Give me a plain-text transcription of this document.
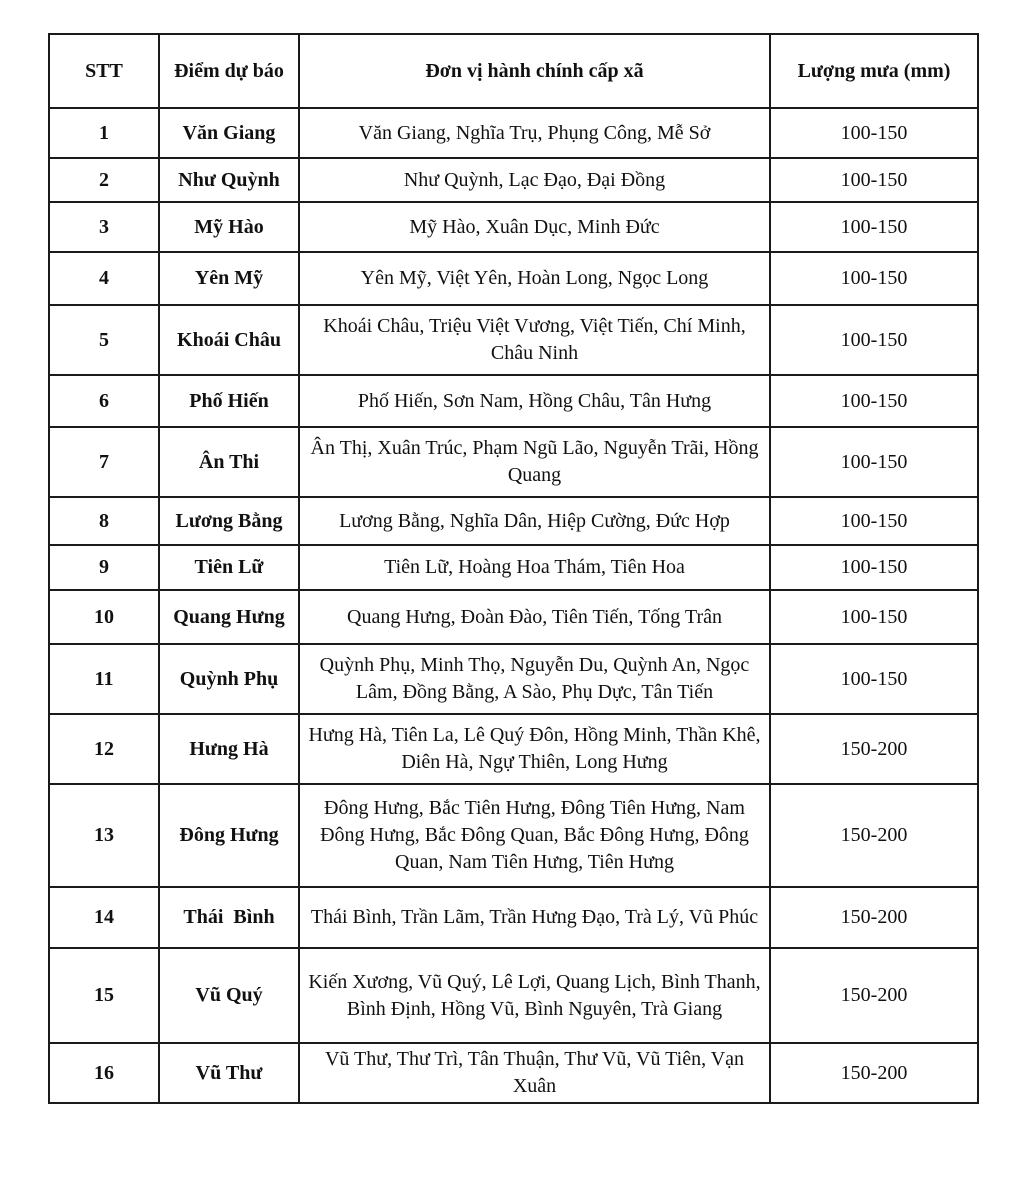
STT	Điểm dự báo	Đơn vị hành chính cấp xã	Lượng mưa (mm)
1	Văn Giang	Văn Giang, Nghĩa Trụ, Phụng Công, Mễ Sở	100-150
2	Như Quỳnh	Như Quỳnh, Lạc Đạo, Đại Đồng	100-150
3	Mỹ Hào	Mỹ Hào, Xuân Dục, Minh Đức	100-150
4	Yên Mỹ	Yên Mỹ, Việt Yên, Hoàn Long, Ngọc Long	100-150
5	Khoái Châu	Khoái Châu, Triệu Việt Vương, Việt Tiến, Chí Minh, Châu Ninh	100-150
6	Phố Hiến	Phố Hiến, Sơn Nam, Hồng Châu, Tân Hưng	100-150
7	Ân Thi	Ân Thị, Xuân Trúc, Phạm Ngũ Lão, Nguyễn Trãi, Hồng Quang	100-150
8	Lương Bằng	Lương Bằng, Nghĩa Dân, Hiệp Cường, Đức Hợp	100-150
9	Tiên Lữ	Tiên Lữ, Hoàng Hoa Thám, Tiên Hoa	100-150
10	Quang Hưng	Quang Hưng, Đoàn Đào, Tiên Tiến, Tống Trân	100-150
11	Quỳnh Phụ	Quỳnh Phụ, Minh Thọ, Nguyễn Du, Quỳnh An, Ngọc Lâm, Đồng Bằng, A Sào, Phụ Dực, Tân Tiến	100-150
12	Hưng Hà	Hưng Hà, Tiên La, Lê Quý Đôn, Hồng Minh, Thần Khê, Diên Hà, Ngự Thiên, Long Hưng	150-200
13	Đông Hưng	Đông Hưng, Bắc Tiên Hưng, Đông Tiên Hưng, Nam Đông Hưng, Bắc Đông Quan, Bắc Đông Hưng, Đông Quan, Nam Tiên Hưng, Tiên Hưng	150-200
14	Thái  Bình	Thái Bình, Trần Lãm, Trần Hưng Đạo, Trà Lý, Vũ Phúc	150-200
15	Vũ Quý	Kiến Xương, Vũ Quý, Lê Lợi, Quang Lịch, Bình Thanh, Bình Định, Hồng Vũ, Bình Nguyên, Trà Giang	150-200
16	Vũ Thư	Vũ Thư, Thư Trì, Tân Thuận, Thư Vũ, Vũ Tiên, Vạn Xuân	150-200
